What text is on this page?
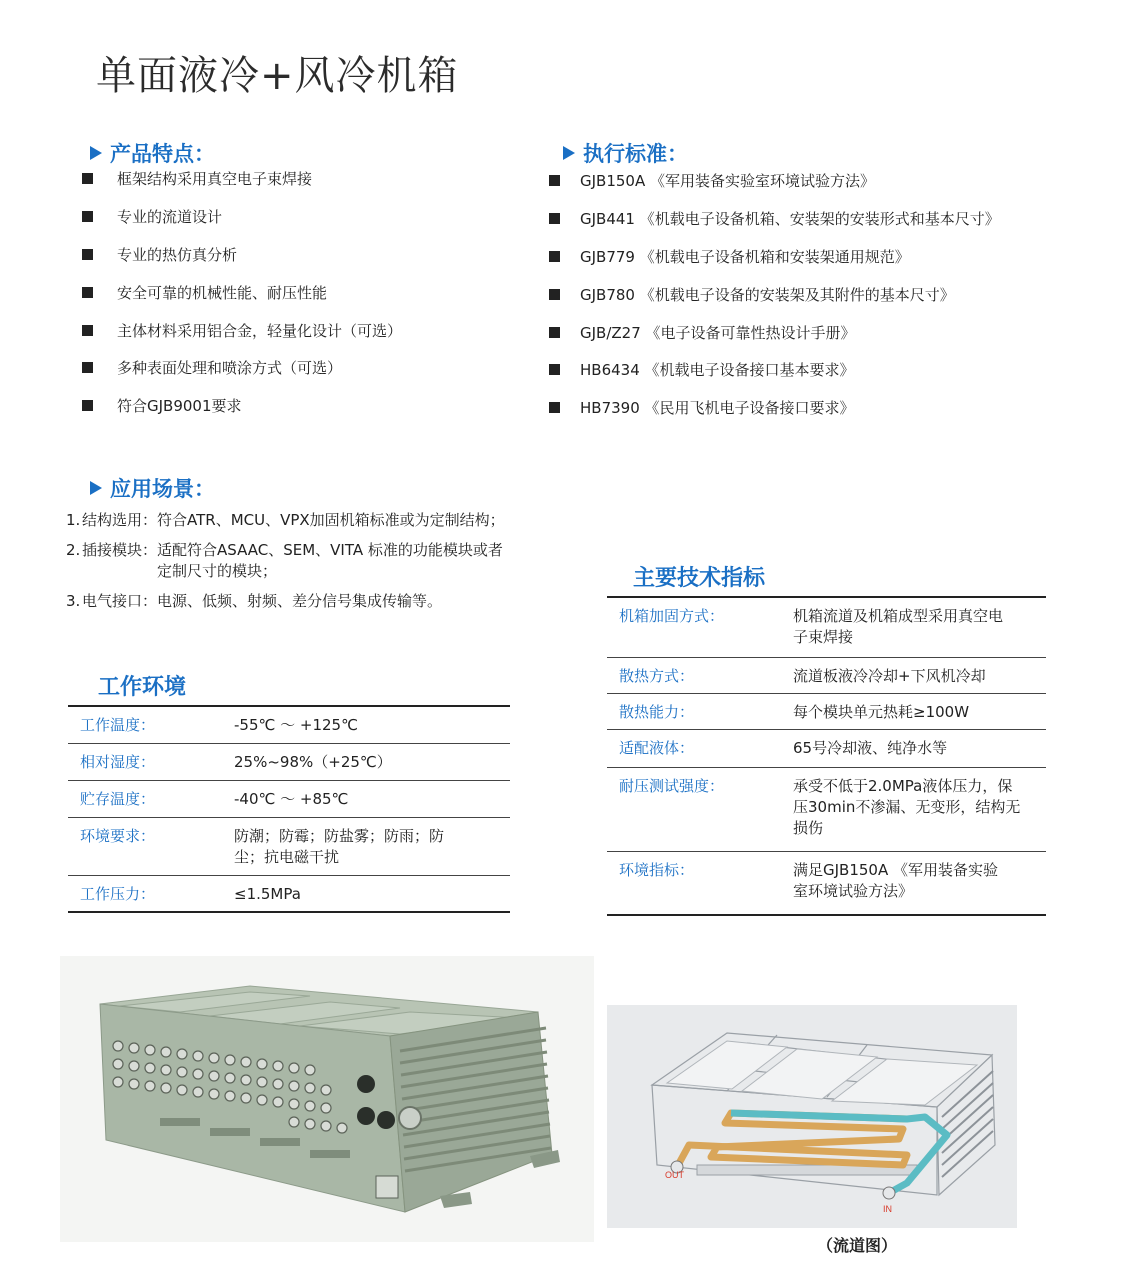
单面液冷+风冷机箱
产品特点：
框架结构采用真空电子束焊接
专业的流道设计
专业的热仿真分析
安全可靠的机械性能、耐压性能
主体材料采用铝合金，轻量化设计（可选）
多种表面处理和喷涂方式（可选）
符合GJB9001要求
执行标准：
GJB150A 《军用装备实验室环境试验方法》
GJB441 《机载电子设备机箱、安装架的安装形式和基本尺寸》
GJB779 《机载电子设备机箱和安装架通用规范》
GJB780 《机载电子设备的安装架及其附件的基本尺寸》
GJB/Z27 《电子设备可靠性热设计手册》
HB6434 《机载电子设备接口基本要求》
HB7390 《民用飞机电子设备接口要求》
应用场景：
1. 结构选用： 符合ATR、MCU、VPX加固机箱标准或为定制结构；
2. 插接模块： 适配符合ASAAC、SEM、VITA 标准的功能模块或者定制尺寸的模块；
3. 电气接口： 电源、低频、射频、差分信号集成传输等。
工作环境
工作温度：	-55℃ ～ +125℃
相对湿度：	25%~98%（+25℃）
贮存温度：	-40℃ ～ +85℃
环境要求：	防潮；防霉；防盐雾；防雨；防尘；抗电磁干扰
工作压力：	≤1.5MPa
主要技术指标
机箱加固方式：	机箱流道及机箱成型采用真空电子束焊接
散热方式：	流道板液冷冷却+下风机冷却
散热能力：	每个模块单元热耗≥100W
适配液体：	65号冷却液、纯净水等
耐压测试强度：	承受不低于2.0MPa液体压力，保压30min不渗漏、无变形，结构无损伤
环境指标：	满足GJB150A 《军用装备实验室环境试验方法》
OUT
IN
（流道图）
